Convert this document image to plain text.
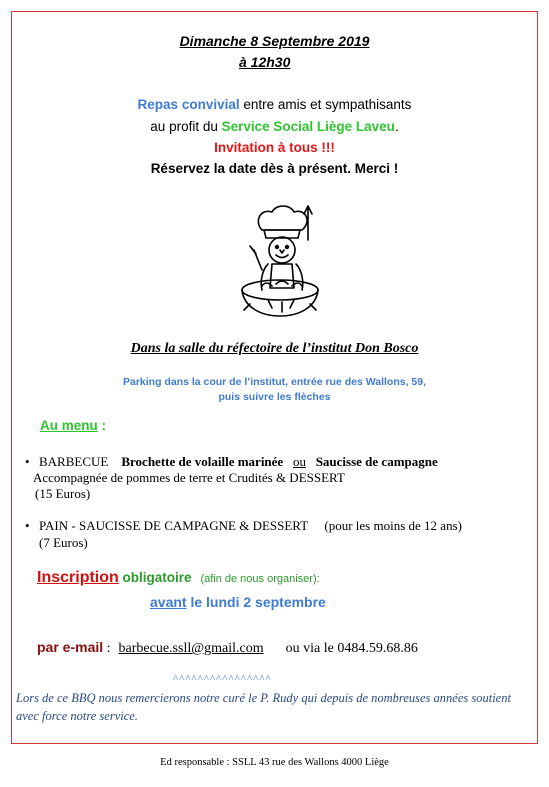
Dimanche 8 Septembre 2019
à 12h30
Repas convivial entre amis et sympathisants
au profit du Service Social Liège Laveu.
Invitation à tous !!!
Réservez la date dès à présent. Merci !
Dans la salle du réfectoire de l’institut Don Bosco
Parking dans la cour de l’institut, entrée rue des Wallons, 59,
puis suivre les flèches
Au menu :
• BARBECUE Brochette de volaille marinée ou Saucisse de campagne
Accompagnée de pommes de terre et Crudités & DESSERT
(15 Euros)
• PAIN - SAUCISSE DE CAMPAGNE & DESSERT (pour les moins de 12 ans)
(7 Euros)
Inscription obligatoire (afin de nous organiser):
avant le lundi 2 septembre
par e-mail : barbecue.ssll@gmail.com ou via le 0484.59.68.86
^^^^^^^^^^^^^^^^
Lors de ce BBQ nous remercierons notre curé le P. Rudy qui depuis de nombreuses années soutient avec force notre service.
Ed responsable : SSLL 43 rue des Wallons 4000 Liège
